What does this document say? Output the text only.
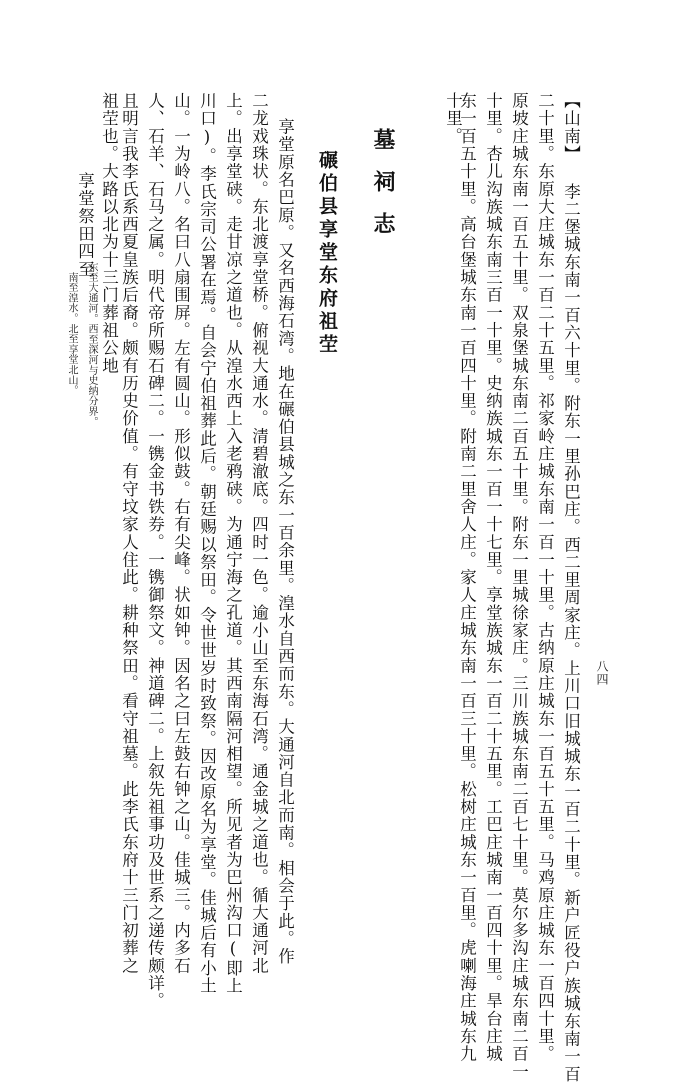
八四
【山南】 李二堡城东南一百六十里。附东一里孙巴庄。西二里周家庄。上川口旧城城东一百二十里。新户匠役户族城东南一百
二十里。东原大庄城东一百二十五里。祁家岭庄城东南一百一十里。古纳原庄城东一百五十五里。马鸡原庄城东一百四十里。
原坡庄城东南一百五十里。双泉堡城东南二百五十里。附东一里城徐家庄。三川族城东南二百七十里。莫尔多沟庄城东南二百一
十里。杏儿沟族城东南三百一十里。史纳族城东一百一十七里。享堂族城东一百二十五里。工巴庄城南一百四十里。旱台庄城
东一百五十里。高台堡城东南一百四十里。附南二里舍人庄。家人庄城东南一百三十里。松树庄城东一百里。虎喇海庄城东九
十里。
墓祠志
碾伯县享堂东府祖茔
享堂原名巴原。又名西海石湾。地在碾伯县城之东一百余里。湟水自西而东。大通河自北而南。相会于此。作
二龙戏珠状。东北渡享堂桥。俯视大通水。清碧澈底。四时一色。逾小山至东海石湾。通金城之道也。循大通河北
上。出享堂硖。走甘凉之道也。从湟水西上入老鸦硖。为通宁海之孔道。其西南隔河相望。所见者为巴州沟口(即上
川口)。李氏宗司公署在焉。自会宁伯祖葬此后。朝廷赐以祭田。令世世岁时致祭。因改原名为享堂。佳城后有小土
山。一为岭八。名曰八扇围屏。左有圆山。形似鼓。右有尖峰。状如钟。因名之曰左鼓右钟之山。佳城三。内多石
人、石羊、石马之属。明代帝所赐石碑二。一镌金书铁券。一镌御祭文。神道碑二。上叙先祖事功及世系之递传颇详。
且明言我李氏系西夏皇族后裔。颇有历史价值。有守坟家人住此。耕种祭田。看守祖墓。此李氏东府十三门初葬之
祖茔也。大路以北为十三门葬祖公地
东至大通河。西至深河与史纳分界。
享堂祭田四至
南至湟水。北至享堂北山。
